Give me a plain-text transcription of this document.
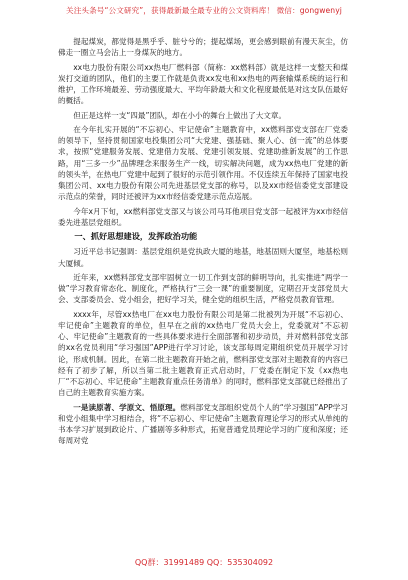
关注头条号“公文研究”，获得最新最全最专业的公文资料库！ 微信：gongwenyj

提起煤炭，都觉得是黑乎乎、脏兮兮的；提起煤场，更会感到眼前有漫天灰尘，仿佛走一圈立马会沾上一身煤灰的地方。

xx电力股份有限公司xx热电厂燃料部（简称：xx燃料部）就是这样一支整天和煤炭打交道的团队，他们的主要工作就是负责xx发电和xx热电的两套输煤系统的运行和维护，工作环境最差、劳动强度最大、平均年龄最大和文化程度最低是对这支队伍最好的概括。

但正是这样一支“四最”团队，却在小小的舞台上做出了大文章。

在今年扎实开展的“不忘初心、牢记使命”主题教育中，xx燃料部党支部在厂党委的领导下，坚持贯彻国家电投集团公司“大党建、强基础、聚人心、创一流”的总体要求，按照“党建服务发展、党建借力发展、党建引领发展、党建助推新发展”的工作思路，用“三多一少”品牌理念来服务生产一线，切实解决问题，成为xx热电厂党建的新的领头羊，在热电厂党建中起到了很好的示范引领作用。不仅连续五年保持了国家电投集团公司、xx电力股份有限公司先进基层党支部的称号，以及xx市经信委党支部建设示范点的荣誉，同时还被评为xx市经信委党建示范点巡展。

今年x月下旬，xx燃料部党支部又与该公司马耳他项目党支部一起被评为xx市经信委先进基层党组织。

一、抓好思想建设，发挥政治功能

习近平总书记强调：基层党组织是党执政大厦的地基，地基固则大厦坚，地基松则大厦倾。

近年来，xx燃料部党支部牢固树立一切工作到支部的鲜明导向，扎实推进“两学一做”学习教育常态化、制度化，严格执行“三会一课”的重要制度，定期召开支部党员大会、支部委员会、党小组会，把好学习关，健全党的组织生活，严格党员教育管理。

xxxx年，尽管xx热电厂在xx电力股份有限公司是第二批被列为开展“不忘初心、牢记使命”主题教育的单位，但早在之前的xx热电厂党员大会上，党委就对“不忘初心、牢记使命”主题教育的一些具体要求进行全面部署和初步动员，并对燃料部党支部的xx名党员利用“学习强国”APP进行学习讨论，该支部每周定期组织党员开展学习讨论，形成机制。因此，在第二批主题教育开始之前，燃料部党支部对主题教育的内容已经有了初步了解，所以当第二批主题教育正式启动时，厂党委在制定下发《xx热电厂“不忘初心、牢记使命”主题教育重点任务清单》的同时，燃料部党支部就已经推出了自己的主题教育实施方案。

一是读原著、学原文、悟原理。燃料部党支部组织党员个人的“学习强国”APP学习和党小组集中学习相结合，将“不忘初心、牢记使命”主题教育理论学习的形式从单纯的书本学习扩展到政论片、广播剧等多种形式，拓宽普通党员理论学习的广度和深度；还每周对党

QQ群：31991489 QQ：535304092
